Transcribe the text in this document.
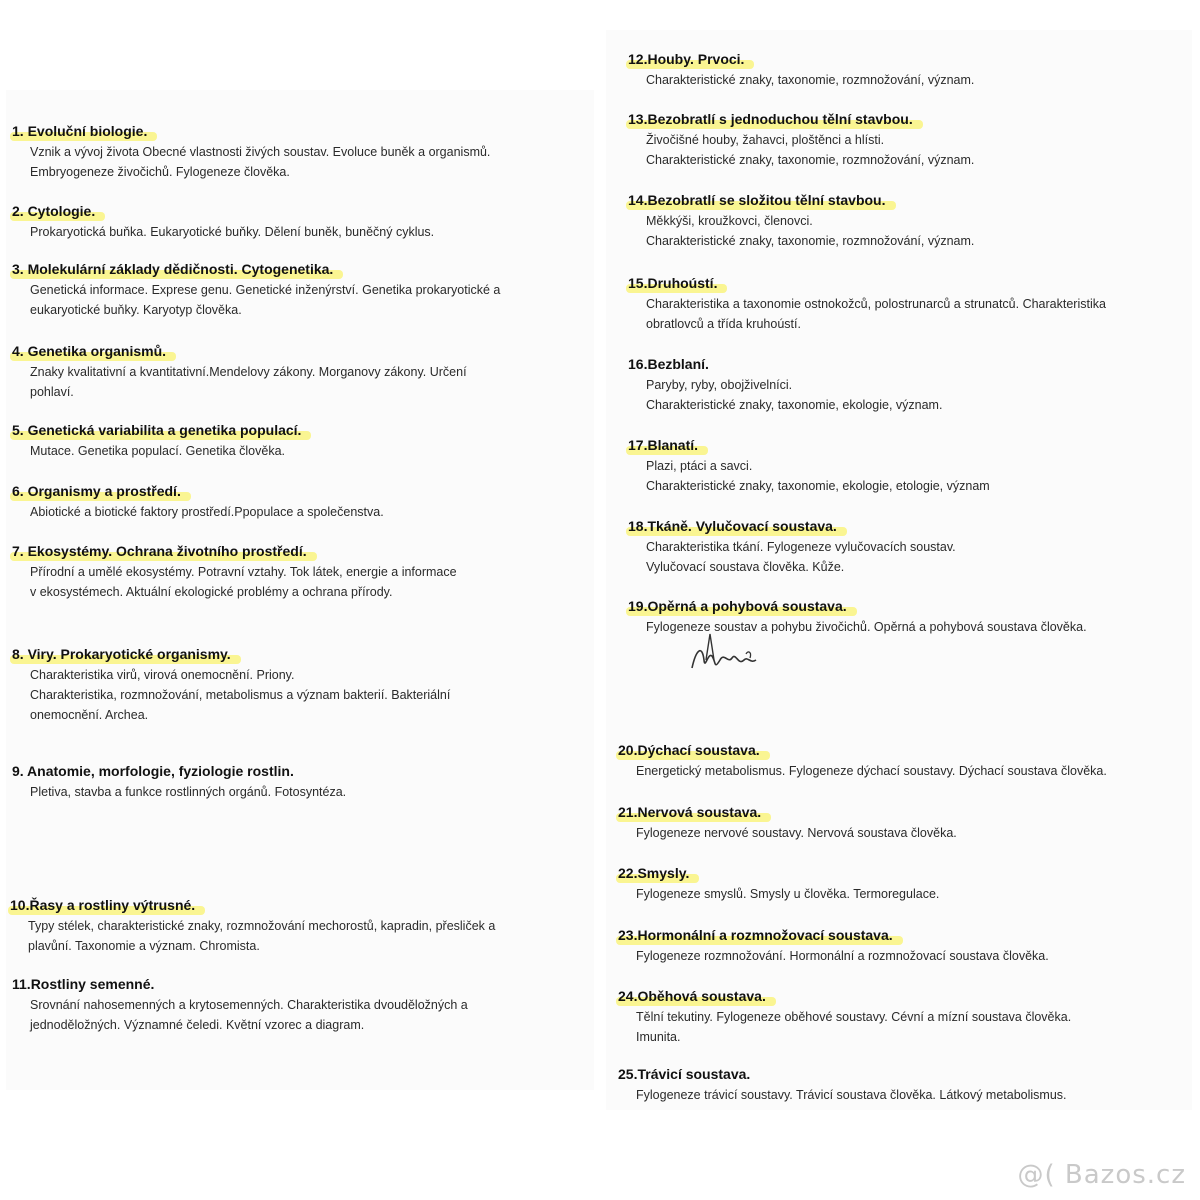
1. Evoluční biologie.
Vznik a vývoj života Obecné vlastnosti živých soustav. Evoluce buněk a organismů.
Embryogeneze živočichů. Fylogeneze člověka.
2. Cytologie.
Prokaryotická buňka. Eukaryotické buňky. Dělení buněk, buněčný cyklus.
3. Molekulární základy dědičnosti. Cytogenetika.
Genetická informace. Exprese genu. Genetické inženýrství. Genetika prokaryotické a
eukaryotické buňky. Karyotyp člověka.
4. Genetika organismů.
Znaky kvalitativní a kvantitativní.Mendelovy zákony. Morganovy zákony. Určení
pohlaví.
5. Genetická variabilita a genetika populací.
Mutace. Genetika populací. Genetika člověka.
6. Organismy a prostředí.
Abiotické a biotické faktory prostředí.Ppopulace a společenstva.
7. Ekosystémy. Ochrana životního prostředí.
Přírodní a umělé ekosystémy. Potravní vztahy. Tok látek, energie a informace
v ekosystémech. Aktuální ekologické problémy a ochrana přírody.
8. Viry. Prokaryotické organismy.
Charakteristika virů, virová onemocnění. Priony.
Charakteristika, rozmnožování, metabolismus a význam bakterií. Bakteriální
onemocnění. Archea.
9. Anatomie, morfologie, fyziologie rostlin.
Pletiva, stavba a funkce rostlinných orgánů. Fotosyntéza.
10.Řasy a rostliny výtrusné.
Typy stélek, charakteristické znaky, rozmnožování mechorostů, kapradin, přesliček a
plavůní. Taxonomie a význam. Chromista.
11.Rostliny semenné.
Srovnání nahosemenných a krytosemenných. Charakteristika dvouděložných a
jednoděložných. Významné čeledi. Květní vzorec a diagram.
12.Houby. Prvoci.
Charakteristické znaky, taxonomie, rozmnožování, význam.
13.Bezobratlí s jednoduchou tělní stavbou.
Živočišné houby, žahavci, ploštěnci a hlísti.
Charakteristické znaky, taxonomie, rozmnožování, význam.
14.Bezobratlí se složitou tělní stavbou.
Měkkýši, kroužkovci, členovci.
Charakteristické znaky, taxonomie, rozmnožování, význam.
15.Druhoústí.
Charakteristika a taxonomie ostnokožců, polostrunarců a strunatců. Charakteristika
obratlovců a třída kruhoústí.
16.Bezblaní.
Paryby, ryby, obojživelníci.
Charakteristické znaky, taxonomie, ekologie, význam.
17.Blanatí.
Plazi, ptáci a savci.
Charakteristické znaky, taxonomie, ekologie, etologie, význam
18.Tkáně. Vylučovací soustava.
Charakteristika tkání. Fylogeneze vylučovacích soustav.
Vylučovací soustava člověka. Kůže.
19.Opěrná a pohybová soustava.
Fylogeneze soustav a pohybu živočichů. Opěrná a pohybová soustava člověka.
20.Dýchací soustava.
Energetický metabolismus. Fylogeneze dýchací soustavy. Dýchací soustava člověka.
21.Nervová soustava.
Fylogeneze nervové soustavy. Nervová soustava člověka.
22.Smysly.
Fylogeneze smyslů. Smysly u člověka. Termoregulace.
23.Hormonální a rozmnožovací soustava.
Fylogeneze rozmnožování. Hormonální a rozmnožovací soustava člověka.
24.Oběhová soustava.
Tělní tekutiny. Fylogeneze oběhové soustavy. Cévní a mízní soustava člověka.
Imunita.
25.Trávicí soustava.
Fylogeneze trávicí soustavy. Trávicí soustava člověka. Látkový metabolismus.
@( Bazos.cz
